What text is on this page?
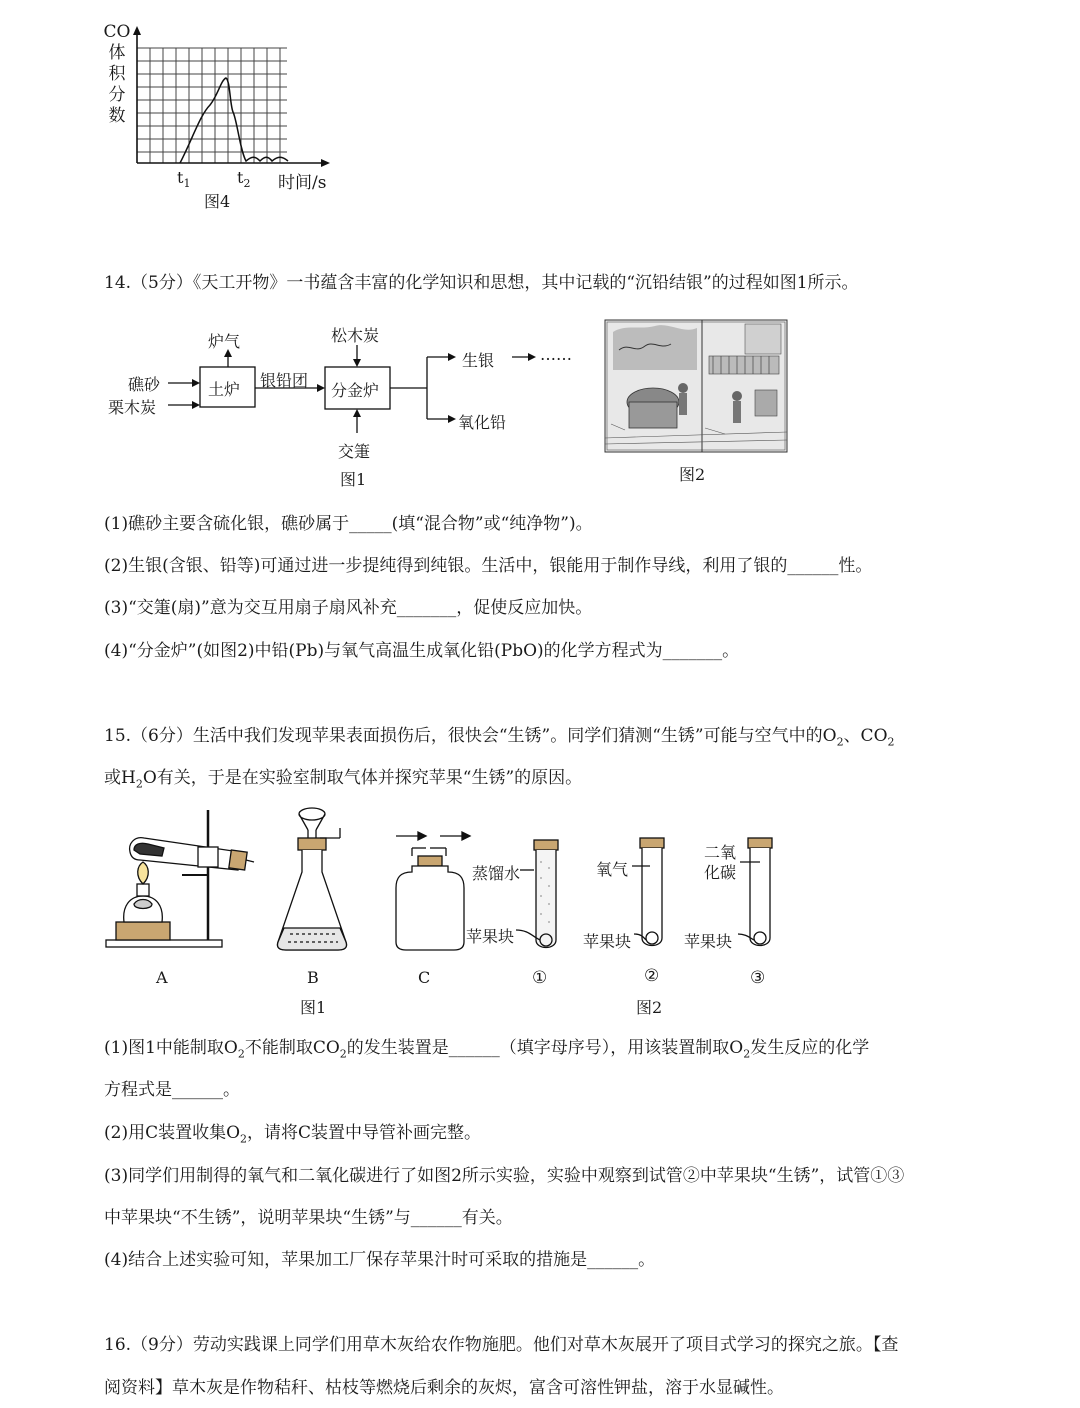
CO
体
积
分
数
$t_1$	$t_2$ 时间/s
图4
14.（5分）《天工开物》一书蕴含丰富的化学知识和思想，其中记载的“沉铅结银”的过程如图1所示。
礁砂
栗木炭
土炉
炉气
银铅团
分金炉
松木炭
交箑
生银	……
氧化铅
图1	图2
(1)礁砂主要含硫化银，礁砂属于_____(填“混合物”或“纯净物”)。
(2)生银(含银、铅等)可通过进一步提纯得到纯银。生活中，银能用于制作导线，利用了银的______性。
(3)“交箑(扇)”意为交互用扇子扇风补充_______，促使反应加快。
(4)“分金炉”(如图2)中铅(Pb)与氧气高温生成氧化铅(PbO)的化学方程式为_______。
15.（6分）生活中我们发现苹果表面损伤后，很快会“生锈”。同学们猜测“生锈”可能与空气中的$O_2$、$CO_2$
或$H_2O$有关，于是在实验室制取气体并探究苹果“生锈”的原因。
A	B	C
蒸馏水
苹果块
氧气
苹果块
二氧
化碳
苹果块
①	②	③
图1	图2
(1)图1中能制取$O_2$不能制取$CO_2$的发生装置是______（填字母序号），用该装置制取$O_2$发生反应的化学
方程式是______。
(2)用C装置收集$O_2$，请将C装置中导管补画完整。
(3)同学们用制得的氧气和二氧化碳进行了如图2所示实验，实验中观察到试管②中苹果块“生锈”，试管①③
中苹果块“不生锈”，说明苹果块“生锈”与______有关。
(4)结合上述实验可知，苹果加工厂保存苹果汁时可采取的措施是______。
16.（9分）劳动实践课上同学们用草木灰给农作物施肥。他们对草木灰展开了项目式学习的探究之旅。【查
阅资料】草木灰是作物秸秆、枯枝等燃烧后剩余的灰烬，富含可溶性钾盐，溶于水显碱性。
